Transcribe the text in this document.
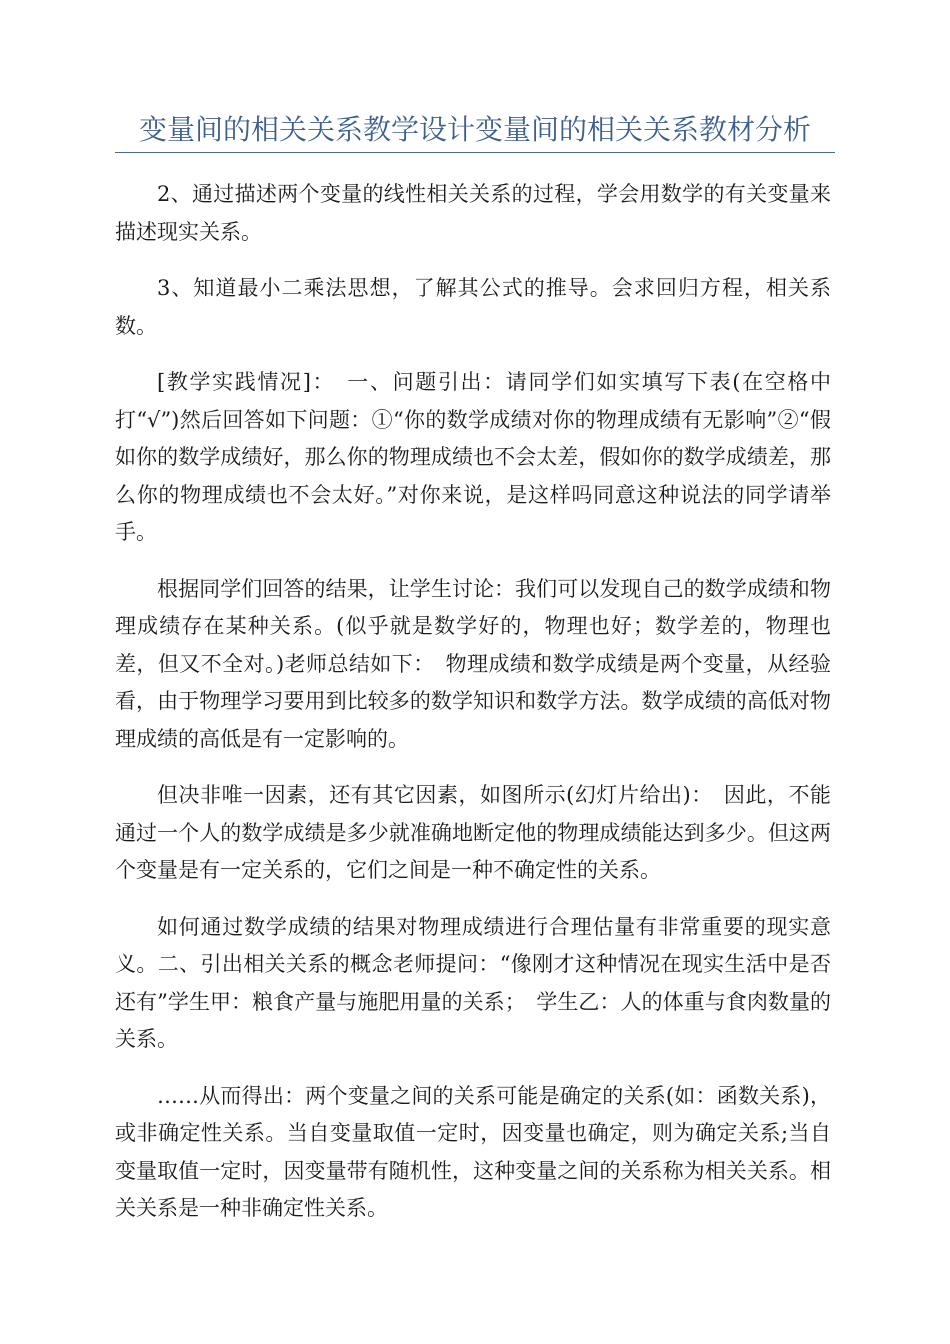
变量间的相关关系教学设计变量间的相关关系教材分析

2、通过描述两个变量的线性相关关系的过程，学会用数学的有关变量来描述现实关系。

3、知道最小二乘法思想，了解其公式的推导。会求回归方程，相关系数。

[教学实践情况]：　一、问题引出：请同学们如实填写下表(在空格中打“√”)然后回答如下问题：①“你的数学成绩对你的物理成绩有无影响”②“假如你的数学成绩好，那么你的物理成绩也不会太差，假如你的数学成绩差，那么你的物理成绩也不会太好。”对你来说，是这样吗同意这种说法的同学请举手。

根据同学们回答的结果，让学生讨论：我们可以发现自己的数学成绩和物理成绩存在某种关系。(似乎就是数学好的，物理也好；数学差的，物理也差，但又不全对。)老师总结如下：　物理成绩和数学成绩是两个变量，从经验看，由于物理学习要用到比较多的数学知识和数学方法。数学成绩的高低对物理成绩的高低是有一定影响的。

但决非唯一因素，还有其它因素，如图所示(幻灯片给出)：　因此，不能通过一个人的数学成绩是多少就准确地断定他的物理成绩能达到多少。但这两个变量是有一定关系的，它们之间是一种不确定性的关系。

如何通过数学成绩的结果对物理成绩进行合理估量有非常重要的现实意义。二、引出相关关系的概念老师提问：“像刚才这种情况在现实生活中是否还有”学生甲：粮食产量与施肥用量的关系；　学生乙：人的体重与食肉数量的关系。

……从而得出：两个变量之间的关系可能是确定的关系(如：函数关系)，或非确定性关系。当自变量取值一定时，因变量也确定，则为确定关系;当自变量取值一定时，因变量带有随机性，这种变量之间的关系称为相关关系。相关关系是一种非确定性关系。
